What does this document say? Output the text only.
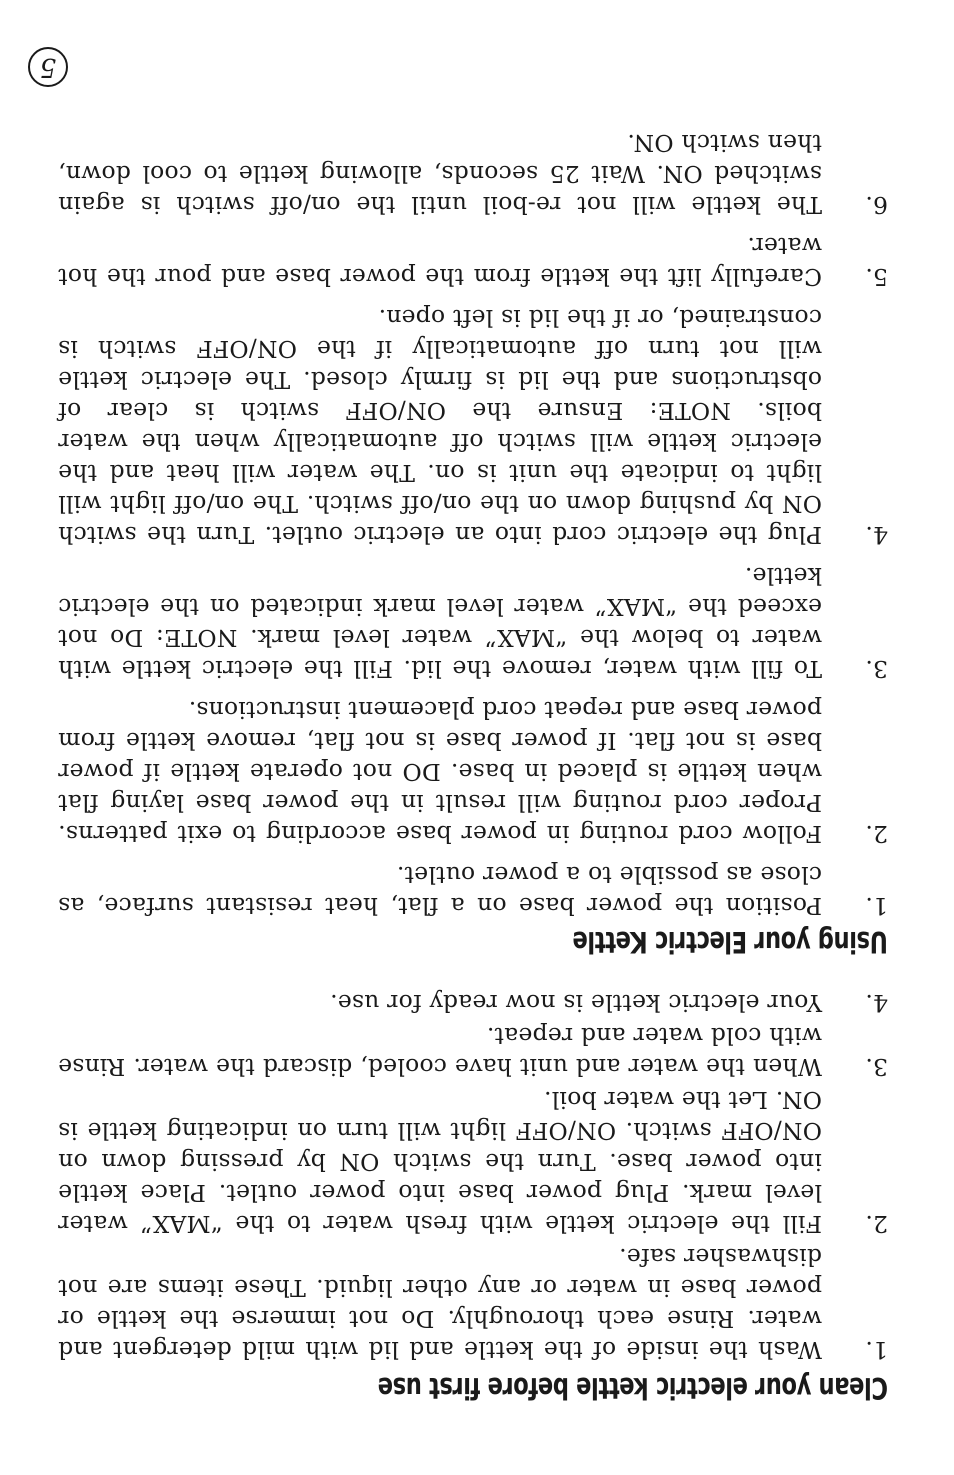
Clean your electric kettle before first use
1.
Wash the inside of the kettle and lid with mild detergent and water. Rinse each thoroughly. Do not immerse the kettle or power base in water or any other liquid. These items are not dishwasher safe.
2.
Fill the electric kettle with fresh water to the “MAX” water level mark. Plug power base into power outlet. Place kettle into power base. Turn the switch ON by pressing down on ON/OFF switch. ON/OFF light will turn on indicating kettle is ON. Let the water boil.
3.
When the water and unit have cooled, discard the water. Rinse with cold water and repeat.
4.
Your electric kettle is now ready for use.
Using your Electric Kettle
1.
Position the power base on a flat, heat resistant surface, as close as possible to a power outlet.
2.
Follow cord routing in power base according to exit patterns. Proper cord routing will result in the power base laying flat when kettle is placed in base. DO not operate kettle if power base is not flat. If power base is not flat, remove kettle from power base and repeat cord placement instructions.
3.
To fill with water, remove the lid. Fill the electric kettle with water to below the “MAX” water level mark. NOTE: Do not exceed the “MAX” water level mark indicated on the electric kettle.
4.
Plug the electric cord into an electric outlet. Turn the switch ON by pushing down on the on/off switch. The on/off light will light to indicate the unit is on. The water will heat and the electric kettle will switch off automatically when the water boils. NOTE: Ensure the ON/OFF switch is clear of obstructions and the lid is firmly closed. The electric kettle will not turn off automatically if the ON/OFF switch is constrained, or if the lid is left open.
5.
Carefully lift the kettle from the power base and pour the hot water.
6.
The kettle will not re-boil until the on/off switch is again switched ON. Wait 25 seconds, allowing kettle to cool down, then switch ON.
5
